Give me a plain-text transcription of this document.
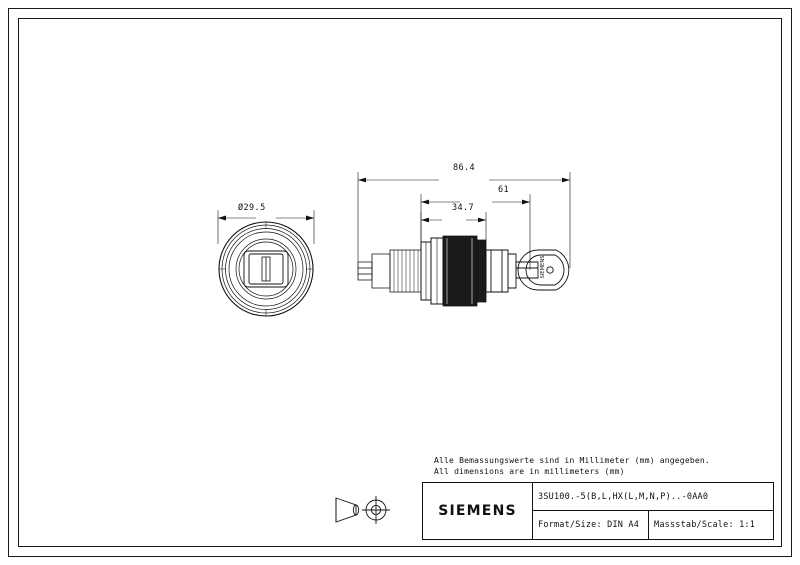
Ø29.5
SIEMENS
86.4
61
34.7
Alle Bemassungswerte sind in Millimeter (mm) angegeben.
All dimensions are in millimeters (mm)
SIEMENS
3SU100.-5(B,L,HX(L,M,N,P)..-0AA0
Format/Size: DIN A4 Massstab/Scale: 1:1
